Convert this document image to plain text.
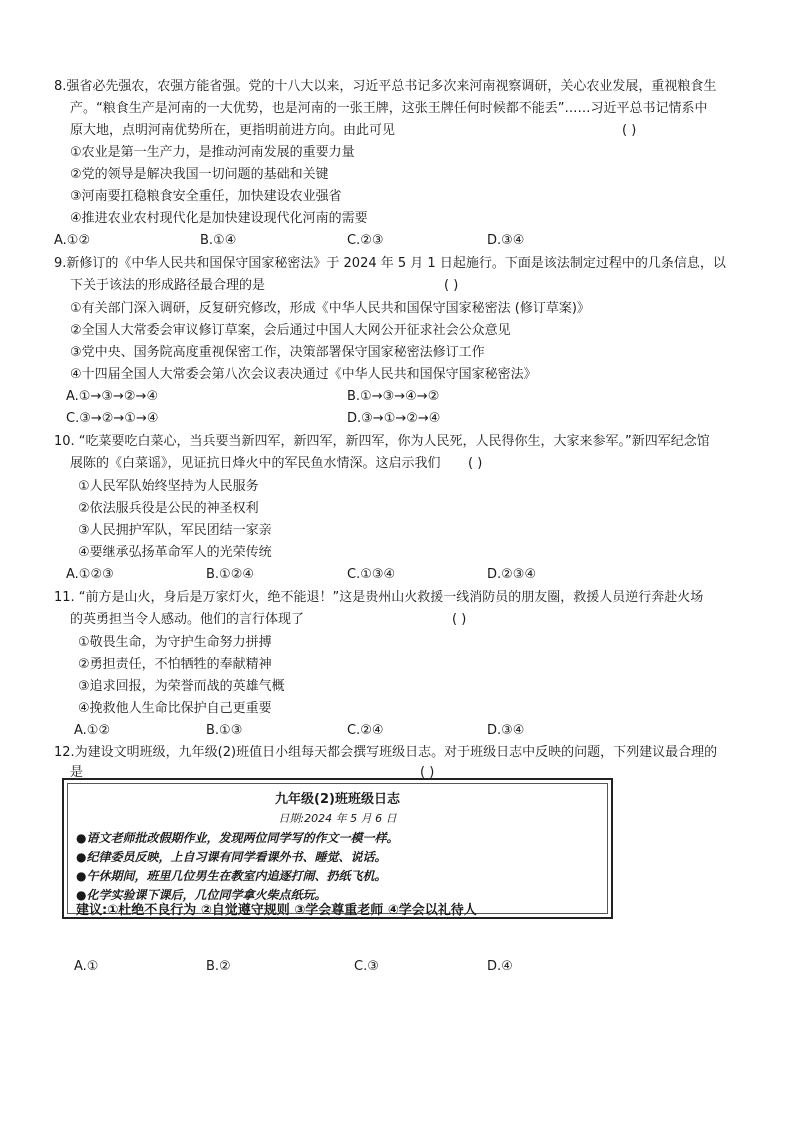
8.强省必先强农，农强方能省强。党的十八大以来，习近平总书记多次来河南视察调研，关心农业发展，重视粮食生
产。“粮食生产是河南的一大优势，也是河南的一张王牌，这张王牌任何时候都不能丢”……习近平总书记情系中
原大地，点明河南优势所在，更指明前进方向。由此可见	( )
①农业是第一生产力，是推动河南发展的重要力量
②党的领导是解决我国一切问题的基础和关键
③河南要扛稳粮食安全重任，加快建设农业强省
④推进农业农村现代化是加快建设现代化河南的需要
A.①②	B.①④	C.②③	D.③④
9.新修订的《中华人民共和国保守国家秘密法》于 2024 年 5 月 1 日起施行。下面是该法制定过程中的几条信息，以
下关于该法的形成路径最合理的是	( )
①有关部门深入调研，反复研究修改，形成《中华人民共和国保守国家秘密法 (修订草案)》
②全国人大常委会审议修订草案，会后通过中国人大网公开征求社会公众意见
③党中央、国务院高度重视保密工作，决策部署保守国家秘密法修订工作
④十四届全国人大常委会第八次会议表决通过《中华人民共和国保守国家秘密法》
A.①→③→②→④	B.①→③→④→②
C.③→②→①→④	D.③→①→②→④
10. “吃菜要吃白菜心，当兵要当新四军，新四军，新四军，你为人民死，人民得你生，大家来参军。”新四军纪念馆
展陈的《白菜谣》，见证抗日烽火中的军民鱼水情深。这启示我们 ( )
①人民军队始终坚持为人民服务
②依法服兵役是公民的神圣权利
③人民拥护军队，军民团结一家亲
④要继承弘扬革命军人的光荣传统
A.①②③	B.①②④	C.①③④	D.②③④
11. “前方是山火，身后是万家灯火，绝不能退！”这是贵州山火救援一线消防员的朋友圈，救援人员逆行奔赴火场
的英勇担当令人感动。他们的言行体现了	( )
①敬畏生命，为守护生命努力拼搏
②勇担责任，不怕牺牲的奉献精神
③追求回报，为荣誉而战的英雄气概
④挽救他人生命比保护自己更重要
A.①②	B.①③	C.②④	D.③④
12.为建设文明班级，九年级(2)班值日小组每天都会撰写班级日志。对于班级日志中反映的问题，下列建议最合理的
是	( )
九年级(2)班班级日志
日期:2024 年 5 月 6 日
●语文老师批改假期作业，发现两位同学写的作文一模一样。
●纪律委员反映，上自习课有同学看课外书、睡觉、说话。
●午休期间，班里几位男生在教室内追逐打闹、扔纸飞机。
●化学实验课下课后，几位同学拿火柴点纸玩。
建议:①杜绝不良行为 ②自觉遵守规则 ③学会尊重老师 ④学会以礼待人
A.①	B.②	C.③	D.④
